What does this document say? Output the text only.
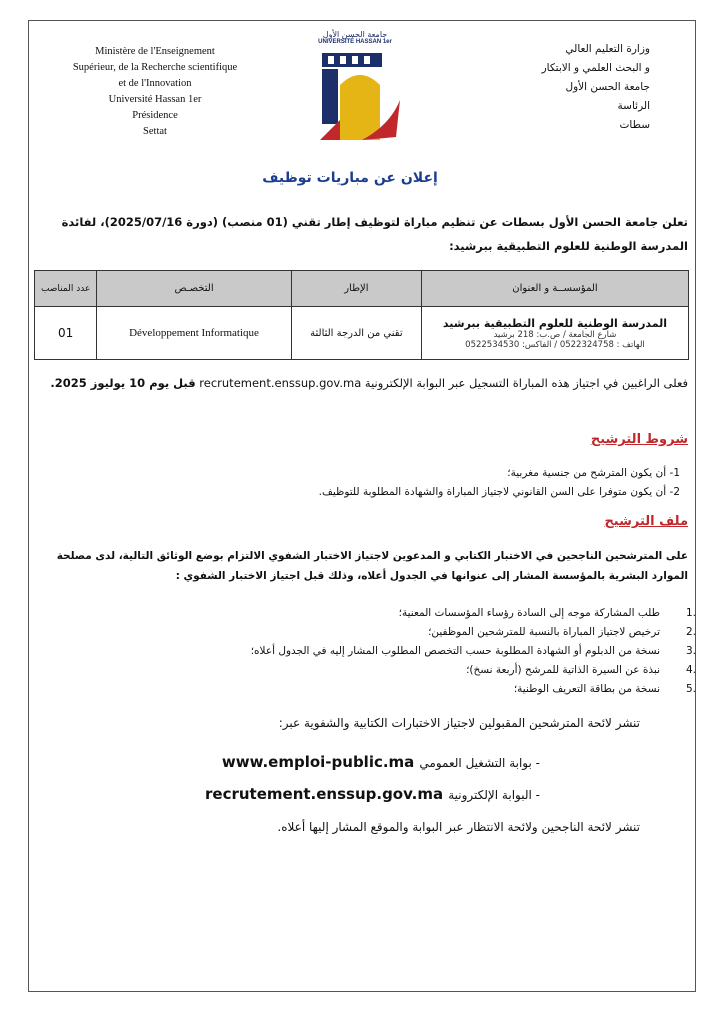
Ministère de l'Enseignement
Supérieur, de la Recherche scientifique
et de l'Innovation
Université Hassan 1er
Présidence
Settat
جامعة الحسن الأول
UNIVERSITÉ HASSAN 1er
وزارة التعليم العالي
و البحث العلمي و الابتكار
جامعة الحسن الأول
الرئاسة
سطات
إعلان عن مباريات توظيف
تعلن جامعة الحسن الأول بسطات عن تنظيم مباراة لتوظيف إطار تقني (01 منصب) (دورة 2025/07/16)، لفائدة المدرسة الوطنية للعلوم التطبيقية ببرشيد:
المؤسســة و العنوان	الإطار	التخصـص	عدد المناصب

المدرسة الوطنية للعلوم التطبيقية ببرشيد
شارع الجامعة / ص.ب: 218 برشيد
الهاتف : 0522324758 / الفاكس: 0522534530	تقني من الدرجة الثالثة	Développement Informatique	01
فعلى الراغبين في اجتياز هذه المباراة التسجيل عبر البوابة الإلكترونية recrutement.enssup.gov.ma قبل يوم 10 يوليوز 2025.
شروط الترشيح
1- أن يكون المترشح من جنسية مغربية؛
2- أن يكون متوفرا على السن القانوني لاجتياز المباراة والشهادة المطلوبة للتوظيف.
ملف الترشيح
على المترشحين الناجحين في الاختبار الكتابي و المدعوين لاجتياز الاختبار الشفوي الالتزام بوضع الوثائق التالية، لدى مصلحة الموارد البشرية بالمؤسسة المشار إلى عنوانها في الجدول أعلاه، وذلك قبل اجتياز الاختبار الشفوي :
1.
طلب المشاركة موجه إلى السادة رؤساء المؤسسات المعنية؛
2.
ترخيص لاجتياز المباراة بالنسبة للمترشحين الموظفين؛
3.
نسخة من الدبلوم أو الشهادة المطلوبة حسب التخصص المطلوب المشار إليه في الجدول أعلاه؛
4.
نبذة عن السيرة الذاتية للمرشح (أربعة نسخ)؛
5.
نسخة من بطاقة التعريف الوطنية؛
تنشر لائحة المترشحين المقبولين لاجتياز الاختبارات الكتابية والشفوية عبر:
- بوابة التشغيل العمومي www.emploi-public.ma
- البوابة الإلكترونية recrutement.enssup.gov.ma
تنشر لائحة الناجحين ولائحة الانتظار عبر البوابة والموقع المشار إليها أعلاه.
